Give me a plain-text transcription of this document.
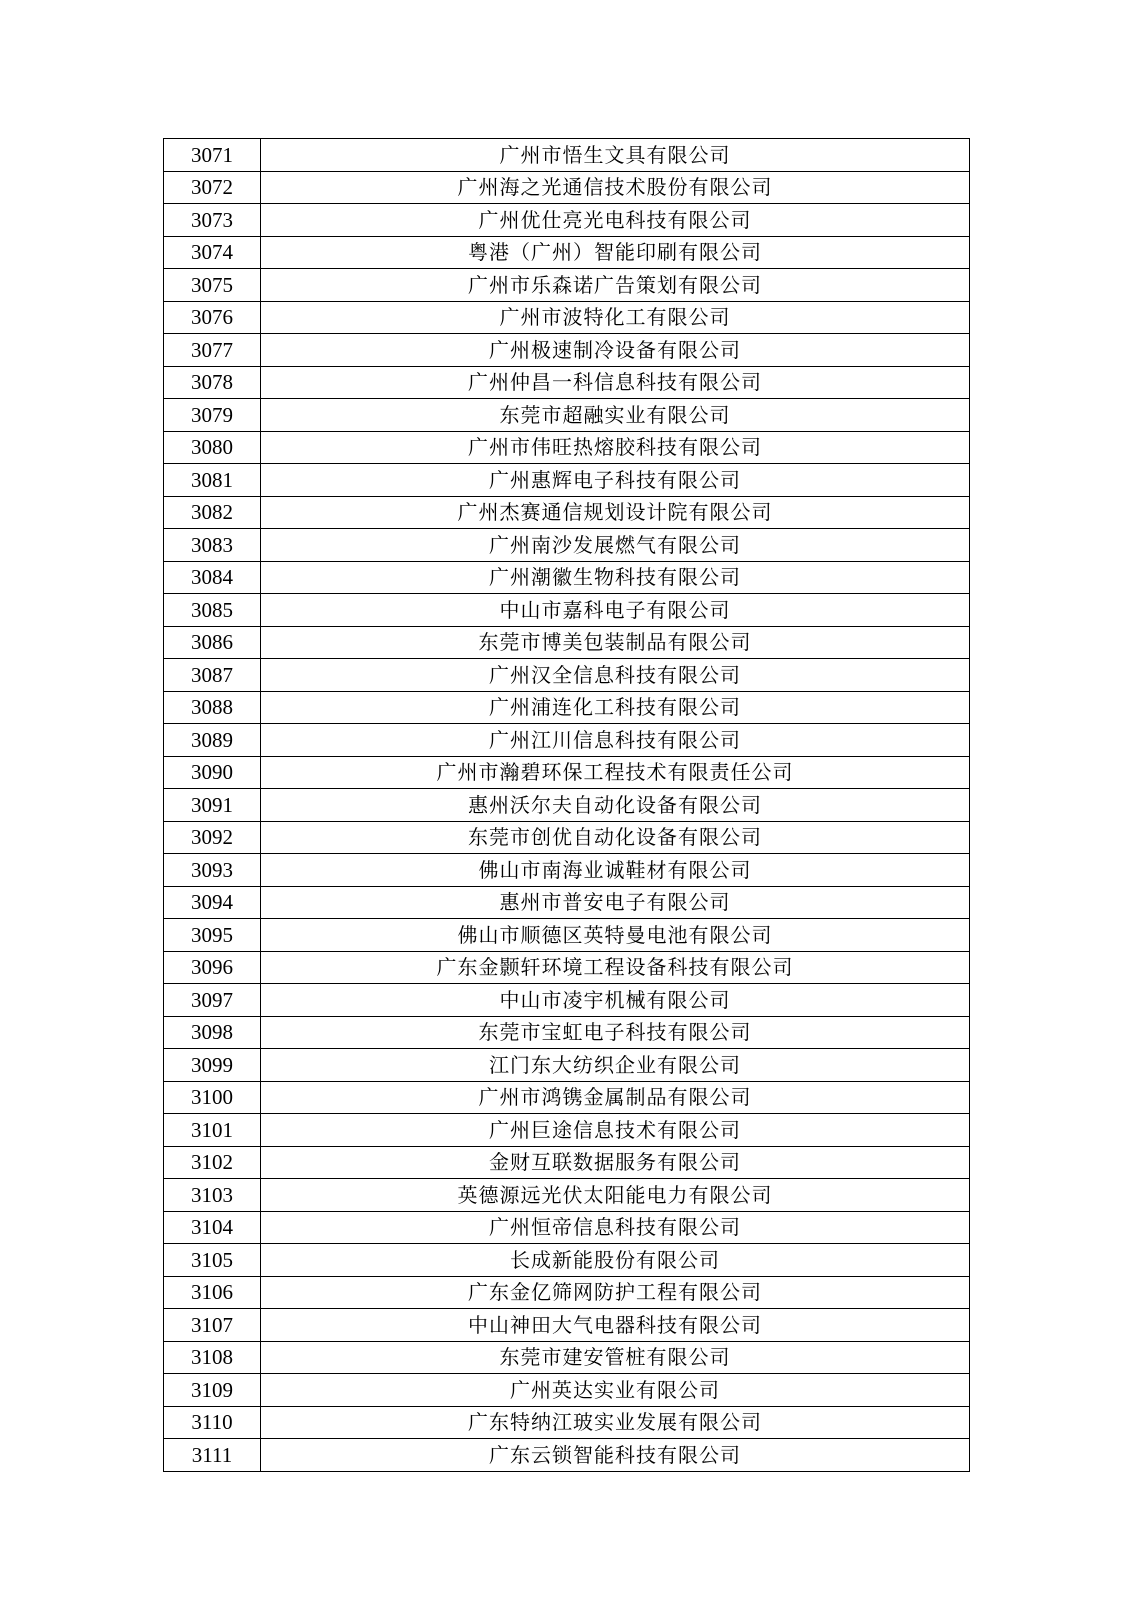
3071	广州市悟生文具有限公司
3072	广州海之光通信技术股份有限公司
3073	广州优仕亮光电科技有限公司
3074	粤港（广州）智能印刷有限公司
3075	广州市乐森诺广告策划有限公司
3076	广州市波特化工有限公司
3077	广州极速制冷设备有限公司
3078	广州仲昌一科信息科技有限公司
3079	东莞市超融实业有限公司
3080	广州市伟旺热熔胶科技有限公司
3081	广州惠辉电子科技有限公司
3082	广州杰赛通信规划设计院有限公司
3083	广州南沙发展燃气有限公司
3084	广州潮徽生物科技有限公司
3085	中山市嘉科电子有限公司
3086	东莞市博美包装制品有限公司
3087	广州汉全信息科技有限公司
3088	广州浦连化工科技有限公司
3089	广州江川信息科技有限公司
3090	广州市瀚碧环保工程技术有限责任公司
3091	惠州沃尔夫自动化设备有限公司
3092	东莞市创优自动化设备有限公司
3093	佛山市南海业诚鞋材有限公司
3094	惠州市普安电子有限公司
3095	佛山市顺德区英特曼电池有限公司
3096	广东金颢轩环境工程设备科技有限公司
3097	中山市凌宇机械有限公司
3098	东莞市宝虹电子科技有限公司
3099	江门东大纺织企业有限公司
3100	广州市鸿镌金属制品有限公司
3101	广州巨途信息技术有限公司
3102	金财互联数据服务有限公司
3103	英德源远光伏太阳能电力有限公司
3104	广州恒帝信息科技有限公司
3105	长成新能股份有限公司
3106	广东金亿筛网防护工程有限公司
3107	中山神田大气电器科技有限公司
3108	东莞市建安管桩有限公司
3109	广州英达实业有限公司
3110	广东特纳江玻实业发展有限公司
3111	广东云锁智能科技有限公司
